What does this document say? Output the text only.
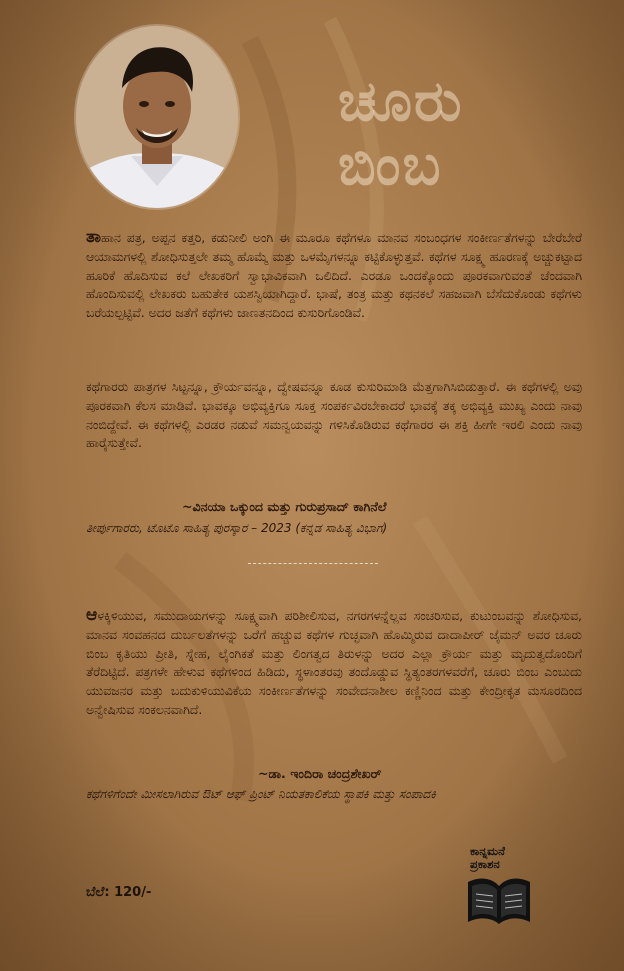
ಚೂರು
ಬಿಂಬ
ತಾಹಾನ ಪತ್ರ, ಅಪ್ಪನ ಕತ್ತರಿ, ಕಡುನೀಲಿ ಅಂಗಿ ಈ ಮೂರೂ ಕಥೆಗಳೂ ಮಾನವ ಸಂಬಂಧಗಳ ಸಂಕೀರ್ಣತೆಗಳನ್ನು ಬೇರೆಬೇರೆ ಆಯಾಮಗಳಲ್ಲಿ ಶೋಧಿಸುತ್ತಲೇ ತಮ್ಮ ಹೊಮ್ಮೆ ಮತ್ತು ಒಳಮೈಗಳನ್ನೂ ಕಟ್ಟಿಕೊಳ್ಳುತ್ತವೆ. ಕಥೆಗಳ ಸೂಕ್ಷ್ಮ ಹೂರಣಕ್ಕೆ ಅಚ್ಚುಕಟ್ಟಾದ ಹೂರಿಕೆ ಹೊದಿಸುವ ಕಲೆ ಲೇಖಕರಿಗೆ ಸ್ವಾಭಾವಿಕವಾಗಿ ಒಲಿದಿದೆ. ಎರಡೂ ಒಂದಕ್ಕೊಂದು ಪೂರಕವಾಗುವಂತೆ ಚೆಂದವಾಗಿ ಹೊಂದಿಸುವಲ್ಲಿ ಲೇಖಕರು ಬಹುತೇಕ ಯಶಸ್ವಿಯಾಗಿದ್ದಾರೆ. ಭಾಷೆ, ತಂತ್ರ ಮತ್ತು ಕಥನಕಲೆ ಸಹಜವಾಗಿ ಬೆಸೆದುಕೊಂಡು ಕಥೆಗಳು ಬರೆಯಲ್ಪಟ್ಟಿವೆ. ಅದರ ಜತೆಗೆ ಕಥೆಗಳು ಜಾಣತನದಿಂದ ಕುಸುರಿಗೊಂಡಿವೆ.
ಕಥೆಗಾರರು ಪಾತ್ರಗಳ ಸಿಟ್ಟನ್ನೂ, ಕ್ರೌರ್ಯವನ್ನೂ, ದ್ವೇಷವನ್ನೂ ಕೂಡ ಕುಸುರಿಮಾಡಿ ಮೆತ್ತಗಾಗಿಸಿಬಿಡುತ್ತಾರೆ. ಈ ಕಥೆಗಳಲ್ಲಿ ಅವು ಪೂರಕವಾಗಿ ಕೆಲಸ ಮಾಡಿವೆ. ಭಾವಕ್ಕೂ ಅಭಿವ್ಯಕ್ತಿಗೂ ಸೂಕ್ತ ಸಂಪರ್ಕವಿರಬೇಕಾದರೆ ಭಾವಕ್ಕೆ ತಕ್ಕ ಅಭಿವ್ಯಕ್ತಿ ಮುಖ್ಯ ಎಂದು ನಾವು ನಂಬಿದ್ದೇವೆ. ಈ ಕಥೆಗಳಲ್ಲಿ ಎರಡರ ನಡುವೆ ಸಮನ್ವಯವನ್ನು ಗಳಿಸಿಕೊಡಿರುವ ಕಥೆಗಾರರ ಈ ಶಕ್ತಿ ಹೀಗೇ ಇರಲಿ ಎಂದು ನಾವು ಹಾರೈಸುತ್ತೇವೆ.
~ವಿನಯಾ ಒಕ್ಕುಂದ ಮತ್ತು ಗುರುಪ್ರಸಾದ್ ಕಾಗಿನೆಲೆ
ತೀರ್ಪುಗಾರರು, ಟೊಟೊ ಸಾಹಿತ್ಯ ಪುರಸ್ಕಾರ – 2023 (ಕನ್ನಡ ಸಾಹಿತ್ಯ ವಿಭಾಗ)
ಆಳಕ್ಕಿಳಿಯುವ, ಸಮುದಾಯಗಳನ್ನು ಸೂಕ್ಷ್ಮವಾಗಿ ಪರಿಶೀಲಿಸುವ, ನಗರಗಳನ್ನೆಲ್ಲವ ಸಂಚರಿಸುವ, ಕುಟುಂಬವನ್ನು ಶೋಧಿಸುವ, ಮಾನವ ಸಂವಹನದ ದುರ್ಬಲತೆಗಳನ್ನು ಒರೆಗೆ ಹಚ್ಚುವ ಕಥೆಗಳ ಗುಚ್ಛವಾಗಿ ಹೊಮ್ಮಿರುವ ದಾದಾಪೀರ್ ಜೈಮನ್ ಅವರ ಚೂರು ಬಿಂಬ ಕೃತಿಯು ಪ್ರೀತಿ, ಸ್ನೇಹ, ಲೈಂಗಿಕತೆ ಮತ್ತು ಲಿಂಗತ್ವದ ತಿರುಳನ್ನು ಅದರ ಎಲ್ಲಾ ಕ್ರೌರ್ಯ ಮತ್ತು ಮೃದುತ್ವದೊಂದಿಗೆ ತೆರೆದಿಟ್ಟಿದೆ. ಪತ್ರಗಳೇ ಹೇಳುವ ಕಥೆಗಳಿಂದ ಹಿಡಿದು, ಸ್ಥಳಾಂತರವು ತಂದೊಡ್ಡುವ ಸ್ಥಿತ್ಯಂತರಗಳವರೆಗೆ, ಚೂರು ಬಿಂಬ ಎಂಬುದು ಯುವಜನರ ಮತ್ತು ಬದುಕುಳಿಯುವಿಕೆಯ ಸಂಕೀರ್ಣತೆಗಳನ್ನು ಸಂವೇದನಾಶೀಲ ಕಣ್ಣಿನಿಂದ ಮತ್ತು ಕೇಂದ್ರೀಕೃತ ಮಸೂರದಿಂದ ಅನ್ವೇಷಿಸುವ ಸಂಕಲನವಾಗಿದೆ.
~ಡಾ. ಇಂದಿರಾ ಚಂದ್ರಶೇಖರ್
ಕಥೆಗಳಿಗೆಂದೇ ಮೀಸಲಾಗಿರುವ ಔಟ್ ಆಫ್ ಪ್ರಿಂಟ್ ನಿಯತಕಾಲಿಕೆಯ ಸ್ಥಾಪಕಿ ಮತ್ತು ಸಂಪಾದಕಿ
ಬೆಲೆ: 120/-
ಕಾನ್ನಮನೆ
ಪ್ರಕಾಶನ
